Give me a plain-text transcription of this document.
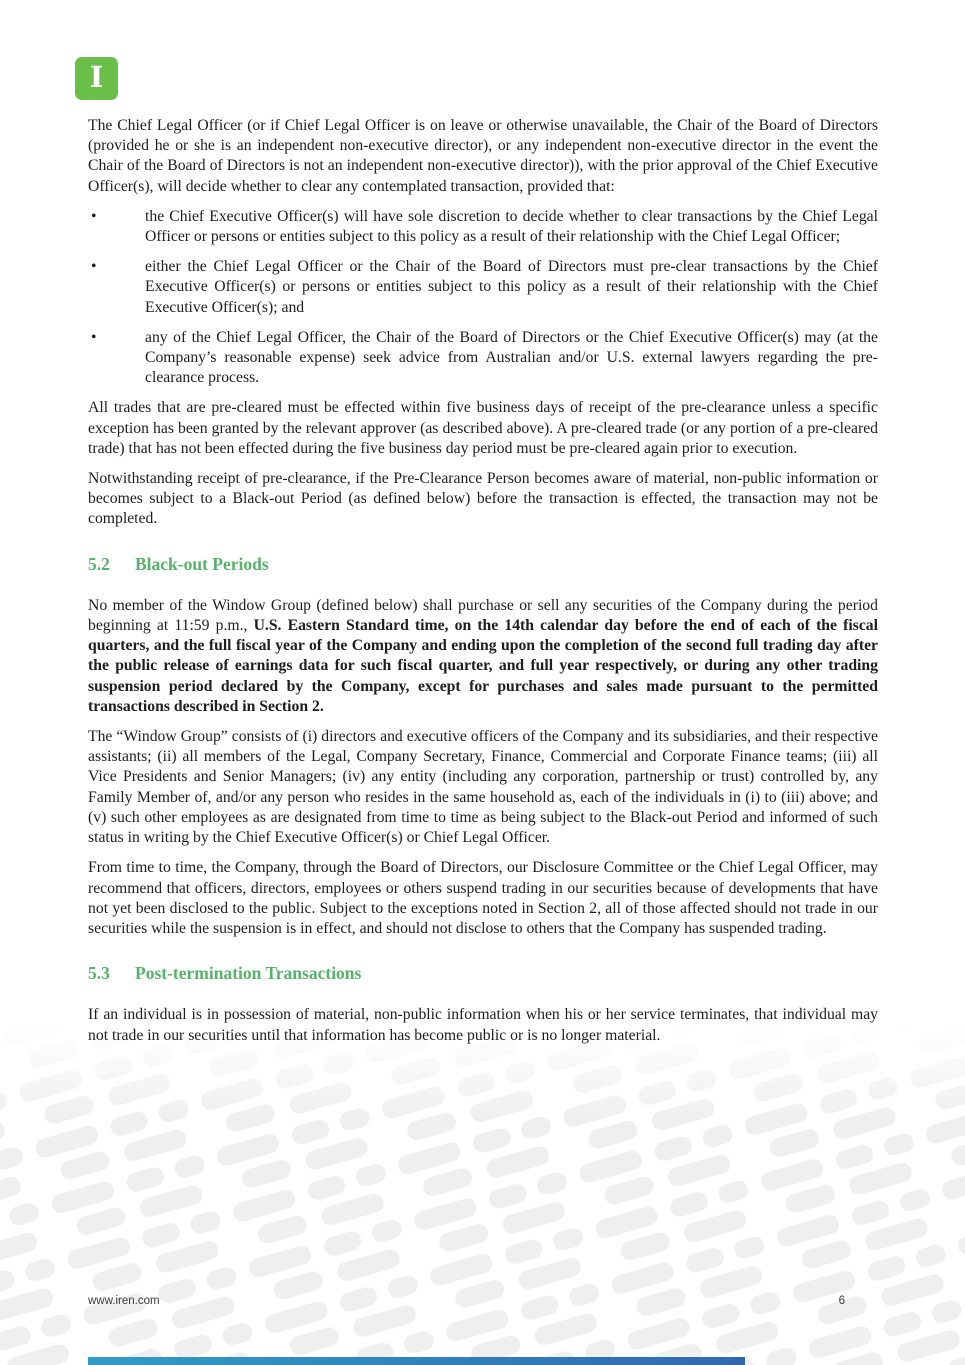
I

The Chief Legal Officer (or if Chief Legal Officer is on leave or otherwise unavailable, the Chair of the Board of Directors (provided he or she is an independent non-executive director), or any independent non-executive director in the event the Chair of the Board of Directors is not an independent non-executive director)), with the prior approval of the Chief Executive Officer(s), will decide whether to clear any contemplated transaction, provided that:

•	the Chief Executive Officer(s) will have sole discretion to decide whether to clear transactions by the Chief Legal Officer or persons or entities subject to this policy as a result of their relationship with the Chief Legal Officer;
•	either the Chief Legal Officer or the Chair of the Board of Directors must pre-clear transactions by the Chief Executive Officer(s) or persons or entities subject to this policy as a result of their relationship with the Chief Executive Officer(s); and
•	any of the Chief Legal Officer, the Chair of the Board of Directors or the Chief Executive Officer(s) may (at the Company’s reasonable expense) seek advice from Australian and/or U.S. external lawyers regarding the pre-clearance process.

All trades that are pre-cleared must be effected within five business days of receipt of the pre-clearance unless a specific exception has been granted by the relevant approver (as described above). A pre-cleared trade (or any portion of a pre-cleared trade) that has not been effected during the five business day period must be pre-cleared again prior to execution.

Notwithstanding receipt of pre-clearance, if the Pre-Clearance Person becomes aware of material, non-public information or becomes subject to a Black-out Period (as defined below) before the transaction is effected, the transaction may not be completed.

5.2	Black-out Periods

No member of the Window Group (defined below) shall purchase or sell any securities of the Company during the period beginning at 11:59 p.m., U.S. Eastern Standard time, on the 14th calendar day before the end of each of the fiscal quarters, and the full fiscal year of the Company and ending upon the completion of the second full trading day after the public release of earnings data for such fiscal quarter, and full year respectively, or during any other trading suspension period declared by the Company, except for purchases and sales made pursuant to the permitted transactions described in Section 2.

The “Window Group” consists of (i) directors and executive officers of the Company and its subsidiaries, and their respective assistants; (ii) all members of the Legal, Company Secretary, Finance, Commercial and Corporate Finance teams; (iii) all Vice Presidents and Senior Managers; (iv) any entity (including any corporation, partnership or trust) controlled by, any Family Member of, and/or any person who resides in the same household as, each of the individuals in (i) to (iii) above; and (v) such other employees as are designated from time to time as being subject to the Black-out Period and informed of such status in writing by the Chief Executive Officer(s) or Chief Legal Officer.

From time to time, the Company, through the Board of Directors, our Disclosure Committee or the Chief Legal Officer, may recommend that officers, directors, employees or others suspend trading in our securities because of developments that have not yet been disclosed to the public. Subject to the exceptions noted in Section 2, all of those affected should not trade in our securities while the suspension is in effect, and should not disclose to others that the Company has suspended trading.

5.3	Post-termination Transactions

If an individual is in possession of material, non-public information when his or her service terminates, that individual may not trade in our securities until that information has become public or is no longer material.

www.iren.com	6
